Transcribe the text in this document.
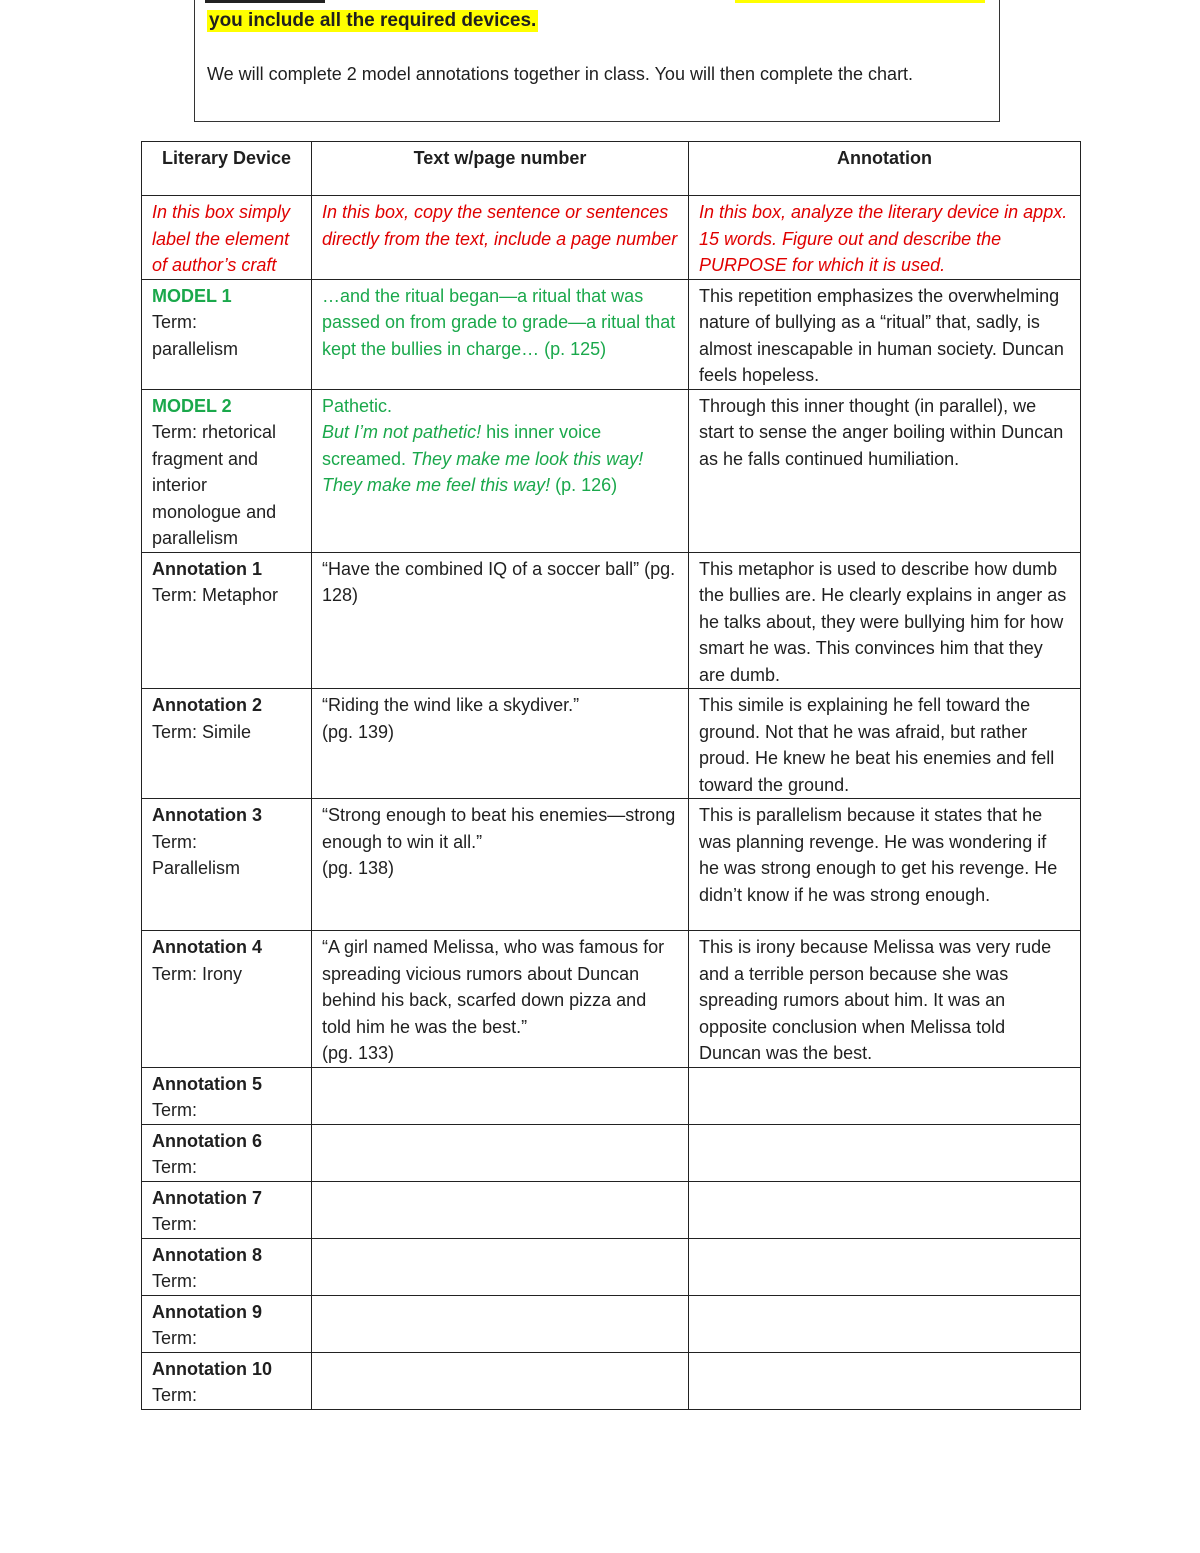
you include all the required devices.
We will complete 2 model annotations together in class. You will then complete the chart.
Literary Device	Text w/page number	Annotation
In this box simply label the element of author’s craft	In this box, copy the sentence or sentences directly from the text, include a page number	In this box, analyze the literary device in appx. 15 words. Figure out and describe the PURPOSE for which it is used.

MODEL 1
Term:
parallelism	…and the ritual began—a ritual that was passed on from grade to grade—a ritual that kept the bullies in charge… (p. 125)	This repetition emphasizes the overwhelming nature of bullying as a “ritual” that, sadly, is almost inescapable in human society. Duncan feels hopeless.

MODEL 2
Term: rhetorical fragment and interior monologue and parallelism	Pathetic.
But I’m not pathetic! his inner voice screamed. They make me look this way! They make me feel this way! (p. 126)	Through this inner thought (in parallel), we start to sense the anger boiling within Duncan as he falls continued humiliation.

Annotation 1
Term: Metaphor	“Have the combined IQ of a soccer ball” (pg. 128)	This metaphor is used to describe how dumb the bullies are. He clearly explains in anger as he talks about, they were bullying him for how smart he was. This convinces him that they are dumb.

Annotation 2
Term: Simile	“Riding the wind like a skydiver.”
(pg. 139)	This simile is explaining he fell toward the ground. Not that he was afraid, but rather proud. He knew he beat his enemies and fell toward the ground.

Annotation 3
Term:
Parallelism	“Strong enough to beat his enemies—strong enough to win it all.”
(pg. 138)	This is parallelism because it states that he was planning revenge. He was wondering if he was strong enough to get his revenge. He didn’t know if he was strong enough.

Annotation 4
Term: Irony	“A girl named Melissa, who was famous for spreading vicious rumors about Duncan behind his back, scarfed down pizza and told him he was the best.”
(pg. 133)	This is irony because Melissa was very rude and a terrible person because she was spreading rumors about him. It was an opposite conclusion when Melissa told Duncan was the best.

Annotation 5
Term:		

Annotation 6
Term:		

Annotation 7
Term:		

Annotation 8
Term:		

Annotation 9
Term:		

Annotation 10
Term:		
